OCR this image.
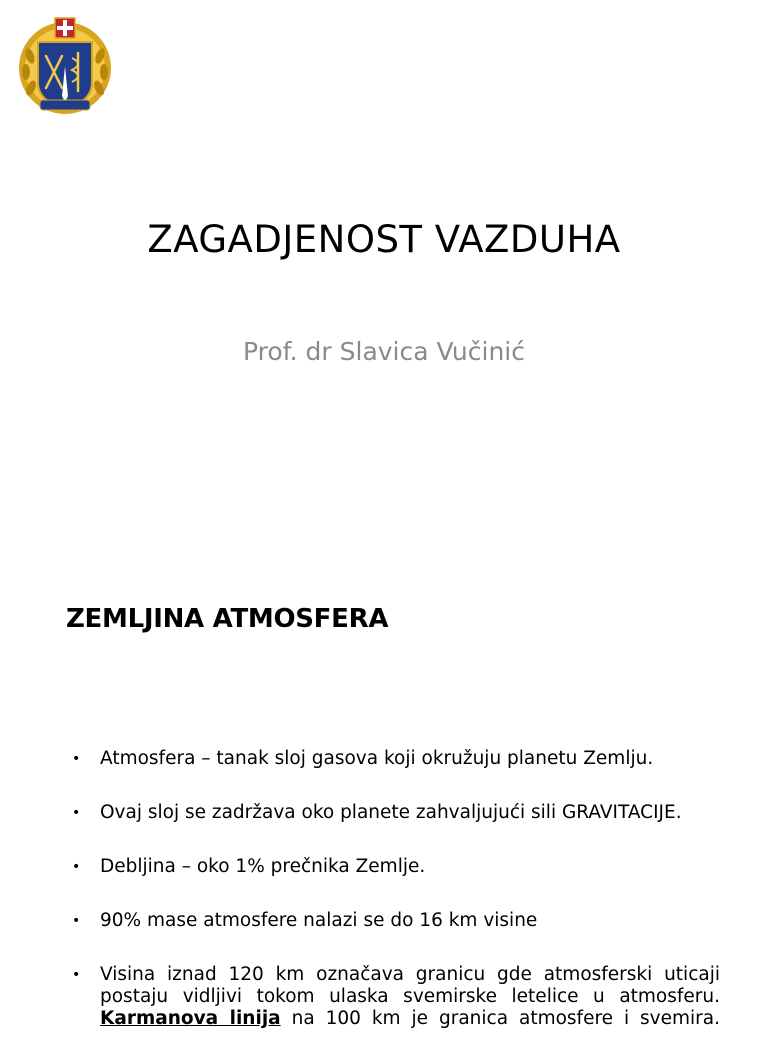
ZAGADJENOST VAZDUHA
Prof. dr Slavica Vučinić
ZEMLJINA ATMOSFERA
• Atmosfera – tanak sloj gasova koji okružuju planetu Zemlju.
• Ovaj sloj se zadržava oko planete zahvaljujući sili GRAVITACIJE.
• Debljina – oko 1% prečnika Zemlje.
• 90% mase atmosfere nalazi se do 16 km visine
• Visina iznad 120 km označava granicu gde atmosferski uticaji postaju vidljivi tokom ulaska svemirske letelice u atmosferu. Karmanova linija na 100 km je granica atmosfere i svemira.
